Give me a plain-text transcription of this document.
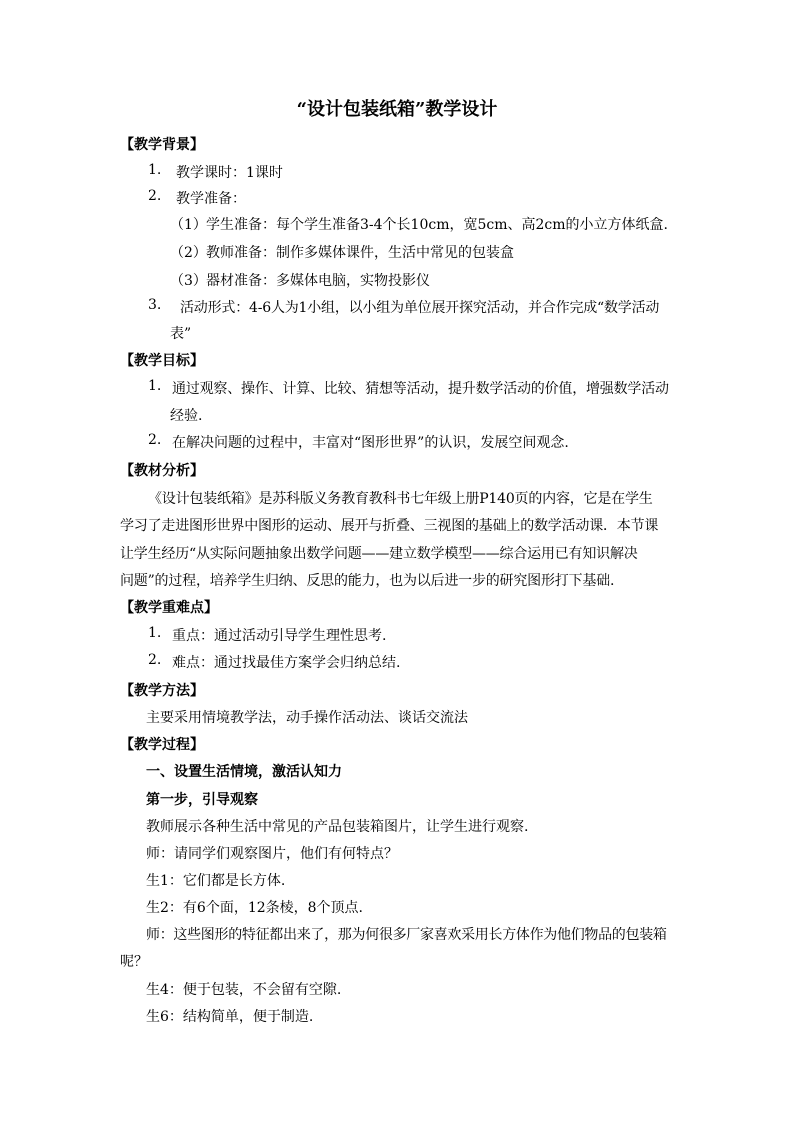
“设计包装纸箱”教学设计
【教学背景】
1. 教学课时：1课时
2. 教学准备：
（1） 学生准备：每个学生准备3-4个长10cm，宽5cm、高2cm的小立方体纸盒.
（2） 教师准备：制作多媒体课件，生活中常见的包装盒
（3） 器材准备：多媒体电脑，实物投影仪
3. 活动形式：4-6人为1小组，以小组为单位展开探究活动，并合作完成“数学活动
表”
【教学目标】
1. 通过观察、操作、计算、比较、猜想等活动，提升数学活动的价值，增强数学活动
经验.
2. 在解决问题的过程中，丰富对“图形世界”的认识，发展空间观念.
【教材分析】
《设计包装纸箱》是苏科版义务教育教科书七年级上册P140页的内容，它是在学生
学习了走进图形世界中图形的运动、展开与折叠、三视图的基础上的数学活动课．本节课
让学生经历“从实际问题抽象出数学问题——建立数学模型——综合运用已有知识解决
问题”的过程，培养学生归纳、反思的能力，也为以后进一步的研究图形打下基础.
【教学重难点】
1. 重点：通过活动引导学生理性思考.
2. 难点：通过找最佳方案学会归纳总结.
【教学方法】
主要采用情境教学法，动手操作活动法、谈话交流法
【教学过程】
一、设置生活情境，激活认知力
第一步，引导观察
教师展示各种生活中常见的产品包装箱图片，让学生进行观察.
师：请同学们观察图片，他们有何特点？
生1：它们都是长方体.
生2：有6个面，12条棱，8个顶点.
师：这些图形的特征都出来了，那为何很多厂家喜欢采用长方体作为他们物品的包装箱
呢？
生4：便于包装，不会留有空隙.
生6：结构简单，便于制造.
